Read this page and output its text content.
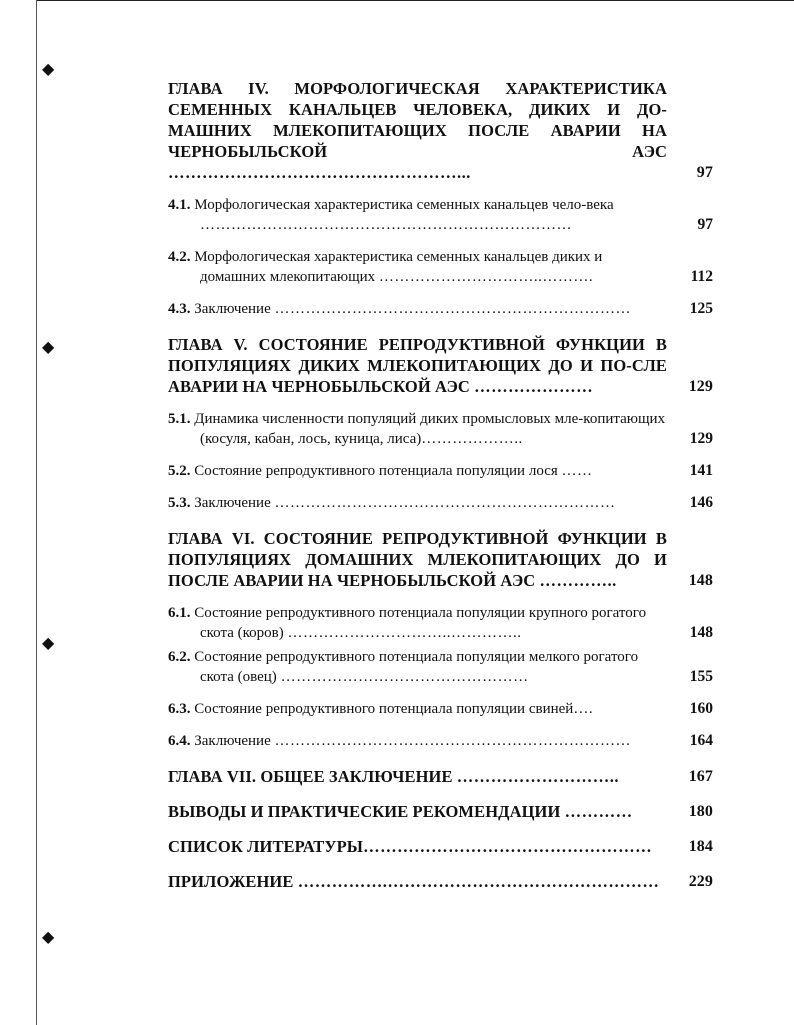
◆
◆
◆
◆
ГЛАВА IV. МОРФОЛОГИЧЕСКАЯ ХАРАКТЕРИСТИКА СЕМЕННЫХ КАНАЛЬЦЕВ ЧЕЛОВЕКА, ДИКИХ И ДО-МАШНИХ МЛЕКОПИТАЮЩИХ ПОСЛЕ АВАРИИ НА ЧЕРНОБЫЛЬСКОЙ АЭС ……………………………………………...	97
4.1. Морфологическая характеристика семенных канальцев чело-века ………………………………………………………………	97
4.2. Морфологическая характеристика семенных канальцев диких и домашних млекопитающих …………………………..……….	112
4.3. Заключение ……………………………………………………………	125
ГЛАВА V. СОСТОЯНИЕ РЕПРОДУКТИВНОЙ ФУНКЦИИ В ПОПУЛЯЦИЯХ ДИКИХ МЛЕКОПИТАЮЩИХ ДО И ПО-СЛЕ АВАРИИ НА ЧЕРНОБЫЛЬСКОЙ АЭС …………………	129
5.1. Динамика численности популяций диких промысловых мле-копитающих (косуля, кабан, лось, куница, лиса)………………..	129
5.2. Состояние репродуктивного потенциала популяции лося ……	141
5.3. Заключение …………………………………………………………	146
ГЛАВА VI. СОСТОЯНИЕ РЕПРОДУКТИВНОЙ ФУНКЦИИ В ПОПУЛЯЦИЯХ ДОМАШНИХ МЛЕКОПИТАЮЩИХ ДО И ПОСЛЕ АВАРИИ НА ЧЕРНОБЫЛЬСКОЙ АЭС …………..	148
6.1. Состояние репродуктивного потенциала популяции крупного рогатого скота (коров) …………………………..…………..	148
6.2. Состояние репродуктивного потенциала популяции мелкого рогатого скота (овец) …………………………………………	155
6.3. Состояние репродуктивного потенциала популяции свиней….	160
6.4. Заключение ……………………………………………………………	164
ГЛАВА VII. ОБЩЕЕ ЗАКЛЮЧЕНИЕ ………………………..	167
ВЫВОДЫ И ПРАКТИЧЕСКИЕ РЕКОМЕНДАЦИИ …………	180
СПИСОК ЛИТЕРАТУРЫ……………………………………………	184
ПРИЛОЖЕНИЕ …………….…………………………………………	229
